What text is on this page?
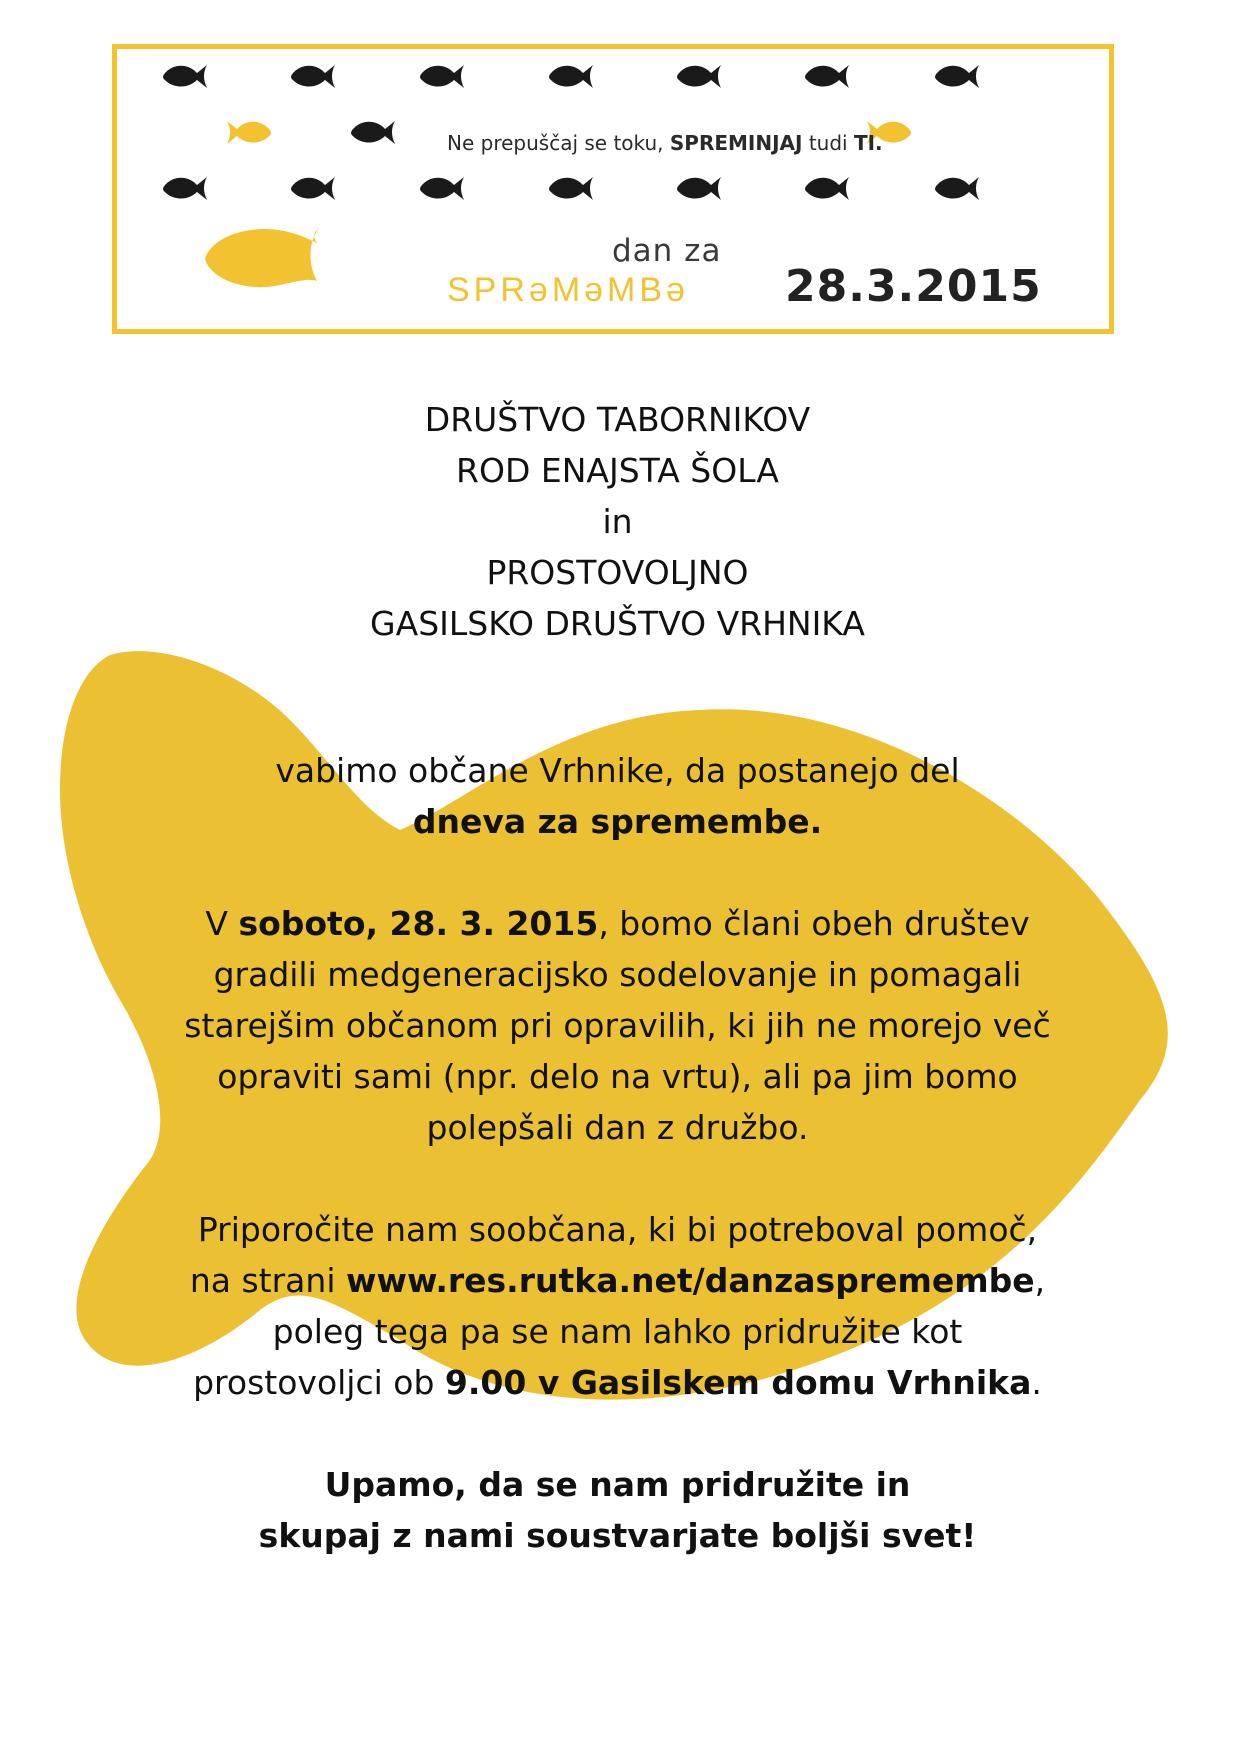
Ne prepuščaj se toku, SPREMINJAJ tudi TI.
dan za
SPRǝMǝMBǝ 28.3.2015
DRUŠTVO TABORNIKOV
ROD ENAJSTA ŠOLA
in
PROSTOVOLJNO
GASILSKO DRUŠTVO VRHNIKA
vabimo občane Vrhnike, da postanejo del
dneva za spremembe.
V soboto, 28. 3. 2015, bomo člani obeh društev
gradili medgeneracijsko sodelovanje in pomagali
starejšim občanom pri opravilih, ki jih ne morejo več
opraviti sami (npr. delo na vrtu), ali pa jim bomo
polepšali dan z družbo.
Priporočite nam soobčana, ki bi potreboval pomoč,
na strani www.res.rutka.net/danzaspremembe,
poleg tega pa se nam lahko pridružite kot
prostovoljci ob 9.00 v Gasilskem domu Vrhnika.
Upamo, da se nam pridružite in
skupaj z nami soustvarjate boljši svet!
